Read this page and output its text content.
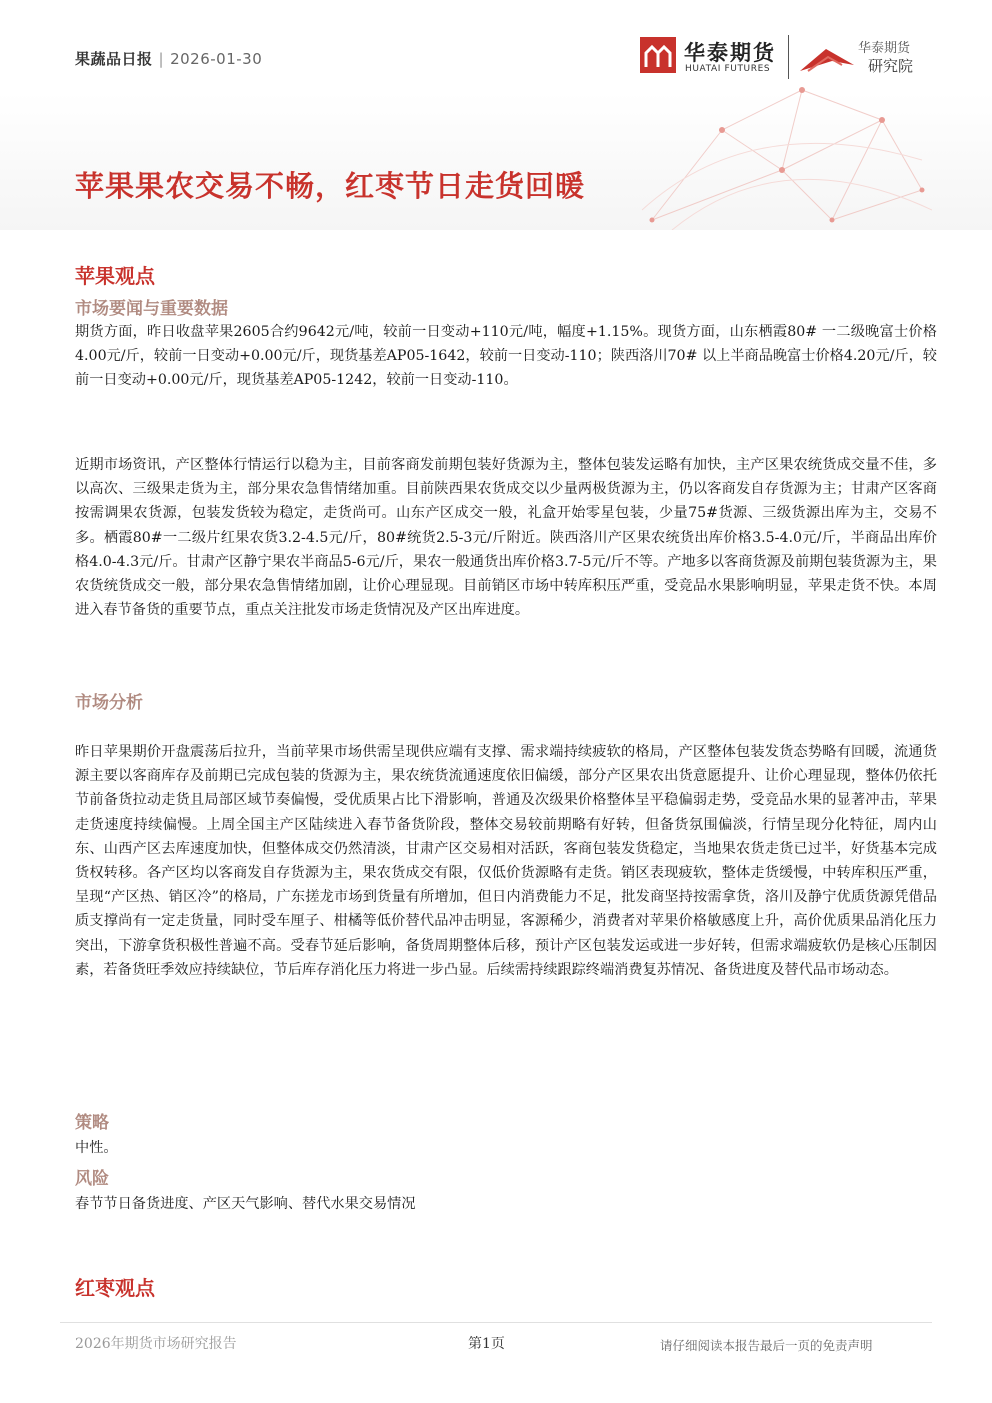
果蔬品日报 | 2026-01-30	华泰期货
HUATAI FUTURES
华泰期货
研究院
苹果果农交易不畅，红枣节日走货回暖
苹果观点
市场要闻与重要数据
期货方面，昨日收盘苹果2605合约9642元/吨，较前一日变动+110元/吨，幅度+1.15%。现货方面，山东栖霞80# 一二级晚富士价格4.00元/斤，较前一日变动+0.00元/斤，现货基差AP05-1642，较前一日变动-110；陕西洛川70# 以上半商品晚富士价格4.20元/斤，较前一日变动+0.00元/斤，现货基差AP05-1242，较前一日变动-110。
近期市场资讯，产区整体行情运行以稳为主，目前客商发前期包装好货源为主，整体包装发运略有加快，主产区果农统货成交量不佳，多以高次、三级果走货为主，部分果农急售情绪加重。目前陕西果农货成交以少量两极货源为主，仍以客商发自存货源为主；甘肃产区客商按需调果农货源，包装发货较为稳定，走货尚可。山东产区成交一般，礼盒开始零星包装，少量75#货源、三级货源出库为主，交易不多。栖霞80#一二级片红果农货3.2-4.5元/斤，80#统货2.5-3元/斤附近。陕西洛川产区果农统货出库价格3.5-4.0元/斤，半商品出库价格4.0-4.3元/斤。甘肃产区静宁果农半商品5-6元/斤，果农一般通货出库价格3.7-5元/斤不等。产地多以客商货源及前期包装货源为主，果农货统货成交一般，部分果农急售情绪加剧，让价心理显现。目前销区市场中转库积压严重，受竞品水果影响明显，苹果走货不快。本周进入春节备货的重要节点，重点关注批发市场走货情况及产区出库进度。
市场分析
昨日苹果期价开盘震荡后拉升，当前苹果市场供需呈现供应端有支撑、需求端持续疲软的格局，产区整体包装发货态势略有回暖，流通货源主要以客商库存及前期已完成包装的货源为主，果农统货流通速度依旧偏缓，部分产区果农出货意愿提升、让价心理显现，整体仍依托节前备货拉动走货且局部区域节奏偏慢，受优质果占比下滑影响，普通及次级果价格整体呈平稳偏弱走势，受竞品水果的显著冲击，苹果走货速度持续偏慢。上周全国主产区陆续进入春节备货阶段，整体交易较前期略有好转，但备货氛围偏淡，行情呈现分化特征，周内山东、山西产区去库速度加快，但整体成交仍然清淡，甘肃产区交易相对活跃，客商包装发货稳定，当地果农货走货已过半，好货基本完成货权转移。各产区均以客商发自存货源为主，果农货成交有限，仅低价货源略有走货。销区表现疲软，整体走货缓慢，中转库积压严重，呈现“产区热、销区冷”的格局，广东搓龙市场到货量有所增加，但日内消费能力不足，批发商坚持按需拿货，洛川及静宁优质货源凭借品质支撑尚有一定走货量，同时受车厘子、柑橘等低价替代品冲击明显，客源稀少，消费者对苹果价格敏感度上升，高价优质果品消化压力突出，下游拿货积极性普遍不高。受春节延后影响，备货周期整体后移，预计产区包装发运或进一步好转，但需求端疲软仍是核心压制因素，若备货旺季效应持续缺位，节后库存消化压力将进一步凸显。后续需持续跟踪终端消费复苏情况、备货进度及替代品市场动态。
策略
中性。
风险
春节节日备货进度、产区天气影响、替代水果交易情况
红枣观点
2026年期货市场研究报告	第1页	请仔细阅读本报告最后一页的免责声明
